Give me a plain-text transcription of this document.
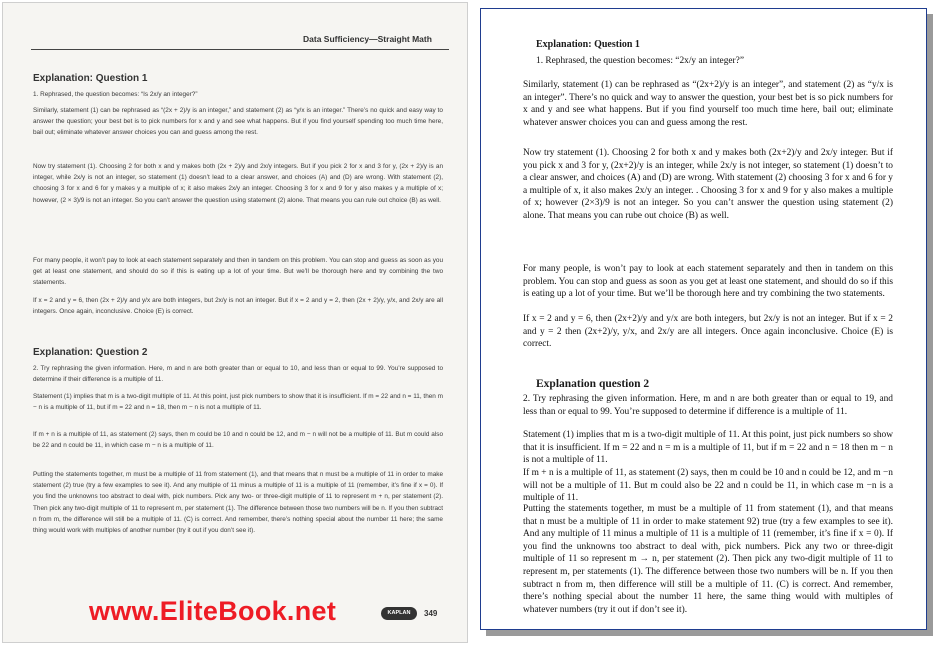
Data Sufficiency—Straight Math
Explanation: Question 1

1. Rephrased, the question becomes: “Is 2x/y an integer?”

Similarly, statement (1) can be rephrased as “(2x + 2)/y is an integer,” and statement (2) as “y/x is an integer.” There’s no quick and easy way to answer the question; your best bet is to pick numbers for x and y and see what happens. But if you find yourself spending too much time here, bail out; eliminate whatever answer choices you can and guess among the rest.

Now try statement (1). Choosing 2 for both x and y makes both (2x + 2)/y and 2x/y integers. But if you pick 2 for x and 3 for y, (2x + 2)/y is an integer, while 2x/y is not an integer, so statement (1) doesn’t lead to a clear answer, and choices (A) and (D) are wrong. With statement (2), choosing 3 for x and 6 for y makes y a multiple of x; it also makes 2x/y an integer. Choosing 3 for x and 9 for y also makes y a multiple of x; however, (2 × 3)/9 is not an integer. So you can’t answer the question using statement (2) alone. That means you can rule out choice (B) as well.

For many people, it won’t pay to look at each statement separately and then in tandem on this problem. You can stop and guess as soon as you get at least one statement, and should do so if this is eating up a lot of your time. But we’ll be thorough here and try combining the two statements.

If x = 2 and y = 6, then (2x + 2)/y and y/x are both integers, but 2x/y is not an integer. But if x = 2 and y = 2, then (2x + 2)/y, y/x, and 2x/y are all integers. Once again, inconclusive. Choice (E) is correct.

Explanation: Question 2

2. Try rephrasing the given information. Here, m and n are both greater than or equal to 10, and less than or equal to 99. You’re supposed to determine if their difference is a multiple of 11.

Statement (1) implies that m is a two-digit multiple of 11. At this point, just pick numbers to show that it is insufficient. If m = 22 and n = 11, then m − n is a multiple of 11, but if m = 22 and n = 18, then m − n is not a multiple of 11.

If m + n is a multiple of 11, as statement (2) says, then m could be 10 and n could be 12, and m − n will not be a multiple of 11. But m could also be 22 and n could be 11, in which case m − n is a multiple of 11.

Putting the statements together, m must be a multiple of 11 from statement (1), and that means that n must be a multiple of 11 in order to make statement (2) true (try a few examples to see it). And any multiple of 11 minus a multiple of 11 is a multiple of 11 (remember, it’s fine if x = 0). If you find the unknowns too abstract to deal with, pick numbers. Pick any two- or three-digit multiple of 11 to represent m + n, per statement (2). Then pick any two-digit multiple of 11 to represent m, per statement (1). The difference between those two numbers will be n. If you then subtract n from m, the difference will still be a multiple of 11. (C) is correct. And remember, there’s nothing special about the number 11 here; the same thing would work with multiples of another number (try it out if you don’t see it).

www.EliteBook.net	KAPLAN	349
Explanation: Question 1

1. Rephrased, the question becomes: “2x/y an integer?”

Similarly, statement (1) can be rephrased as “(2x+2)/y is an integer”, and statement (2) as “y/x is an integer”. There’s no quick and way to answer the question, your best bet is so pick numbers for x and y and see what happens. But if you find yourself too much time here, bail out; eliminate whatever answer choices you can and guess among the rest.

Now try statement (1). Choosing 2 for both x and y makes both (2x+2)/y and 2x/y integer. But if you pick x and 3 for y, (2x+2)/y is an integer, while 2x/y is not integer, so statement (1) doesn’t to a clear answer, and choices (A) and (D) are wrong. With statement (2) choosing 3 for x and 6 for y a multiple of x, it also makes 2x/y an integer. . Choosing 3 for x and 9 for y also makes a multiple of x; however (2×3)/9 is not an integer. So you can’t answer the question using statement (2) alone. That means you can rube out choice (B) as well.

For many people, is won’t pay to look at each statement separately and then in tandem on this problem. You can stop and guess as soon as you get at least one statement, and should do so if this is eating up a lot of your time. But we’ll be thorough here and try combining the two statements.

If x = 2 and y = 6, then (2x+2)/y and y/x are both integers, but 2x/y is not an integer. But if x = 2 and y = 2 then (2x+2)/y, y/x, and 2x/y are all integers. Once again inconclusive. Choice (E) is correct.

Explanation question 2

2. Try rephrasing the given information. Here, m and n are both greater than or equal to 19, and less than or equal to 99. You’re supposed to determine if difference is a multiple of 11.

Statement (1) implies that m is a two-digit multiple of 11. At this point, just pick numbers so show that it is insufficient. If m = 22 and n = m is a multiple of 11, but if m = 22 and n = 18 then m − n is not a multiple of 11.

If m + n is a multiple of 11, as statement (2) says, then m could be 10 and n could be 12, and m −n will not be a multiple of 11. But m could also be 22 and n could be 11, in which case m −n is a multiple of 11.

Putting the statements together, m must be a multiple of 11 from statement (1), and that means that n must be a multiple of 11 in order to make statement 92) true (try a few examples to see it). And any multiple of 11 minus a multiple of 11 is a multiple of 11 (remember, it’s fine if x = 0). If you find the unknowns too abstract to deal with, pick numbers. Pick any two or three-digit multiple of 11 so represent m → n, per statement (2). Then pick any two-digit multiple of 11 to represent m, per statements (1). The difference between those two numbers will be n. If you then subtract n from m, then difference will still be a multiple of 11. (C) is correct. And remember, there’s nothing special about the number 11 here, the same thing would with multiples of whatever numbers (try it out if don’t see it).
